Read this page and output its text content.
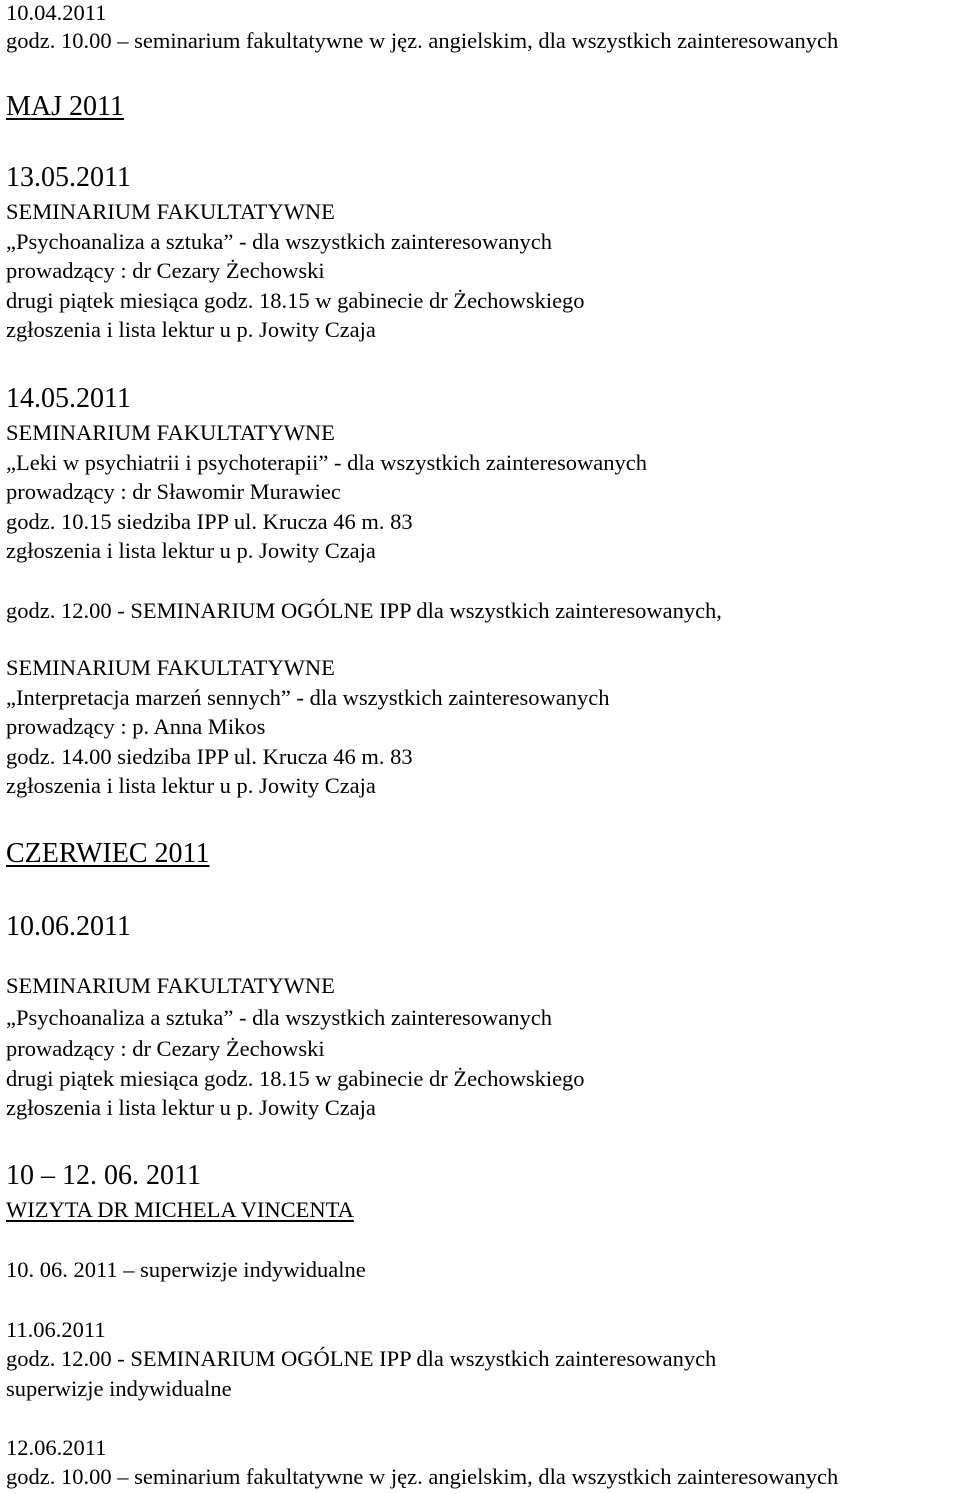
10.04.2011
godz. 10.00 – seminarium fakultatywne w jęz. angielskim, dla wszystkich zainteresowanych
MAJ 2011
13.05.2011
SEMINARIUM FAKULTATYWNE
„Psychoanaliza a sztuka” - dla wszystkich zainteresowanych
prowadzący : dr Cezary Żechowski
drugi piątek miesiąca godz. 18.15 w gabinecie dr Żechowskiego
zgłoszenia i lista lektur u p. Jowity Czaja
14.05.2011
SEMINARIUM FAKULTATYWNE
„Leki w psychiatrii i psychoterapii” - dla wszystkich zainteresowanych
prowadzący : dr Sławomir Murawiec
godz. 10.15 siedziba IPP ul. Krucza 46 m. 83
zgłoszenia i lista lektur u p. Jowity Czaja
godz. 12.00 - SEMINARIUM OGÓLNE IPP dla wszystkich zainteresowanych,
SEMINARIUM FAKULTATYWNE
„Interpretacja marzeń sennych” - dla wszystkich zainteresowanych
prowadzący : p. Anna Mikos
godz. 14.00 siedziba IPP ul. Krucza 46 m. 83
zgłoszenia i lista lektur u p. Jowity Czaja
CZERWIEC 2011
10.06.2011
SEMINARIUM FAKULTATYWNE
„Psychoanaliza a sztuka” - dla wszystkich zainteresowanych
prowadzący : dr Cezary Żechowski
drugi piątek miesiąca godz. 18.15 w gabinecie dr Żechowskiego
zgłoszenia i lista lektur u p. Jowity Czaja
10 – 12. 06. 2011
WIZYTA DR MICHELA VINCENTA
10. 06. 2011 – superwizje indywidualne
11.06.2011
godz. 12.00 - SEMINARIUM OGÓLNE IPP dla wszystkich zainteresowanych
superwizje indywidualne
12.06.2011
godz. 10.00 – seminarium fakultatywne w jęz. angielskim, dla wszystkich zainteresowanych
